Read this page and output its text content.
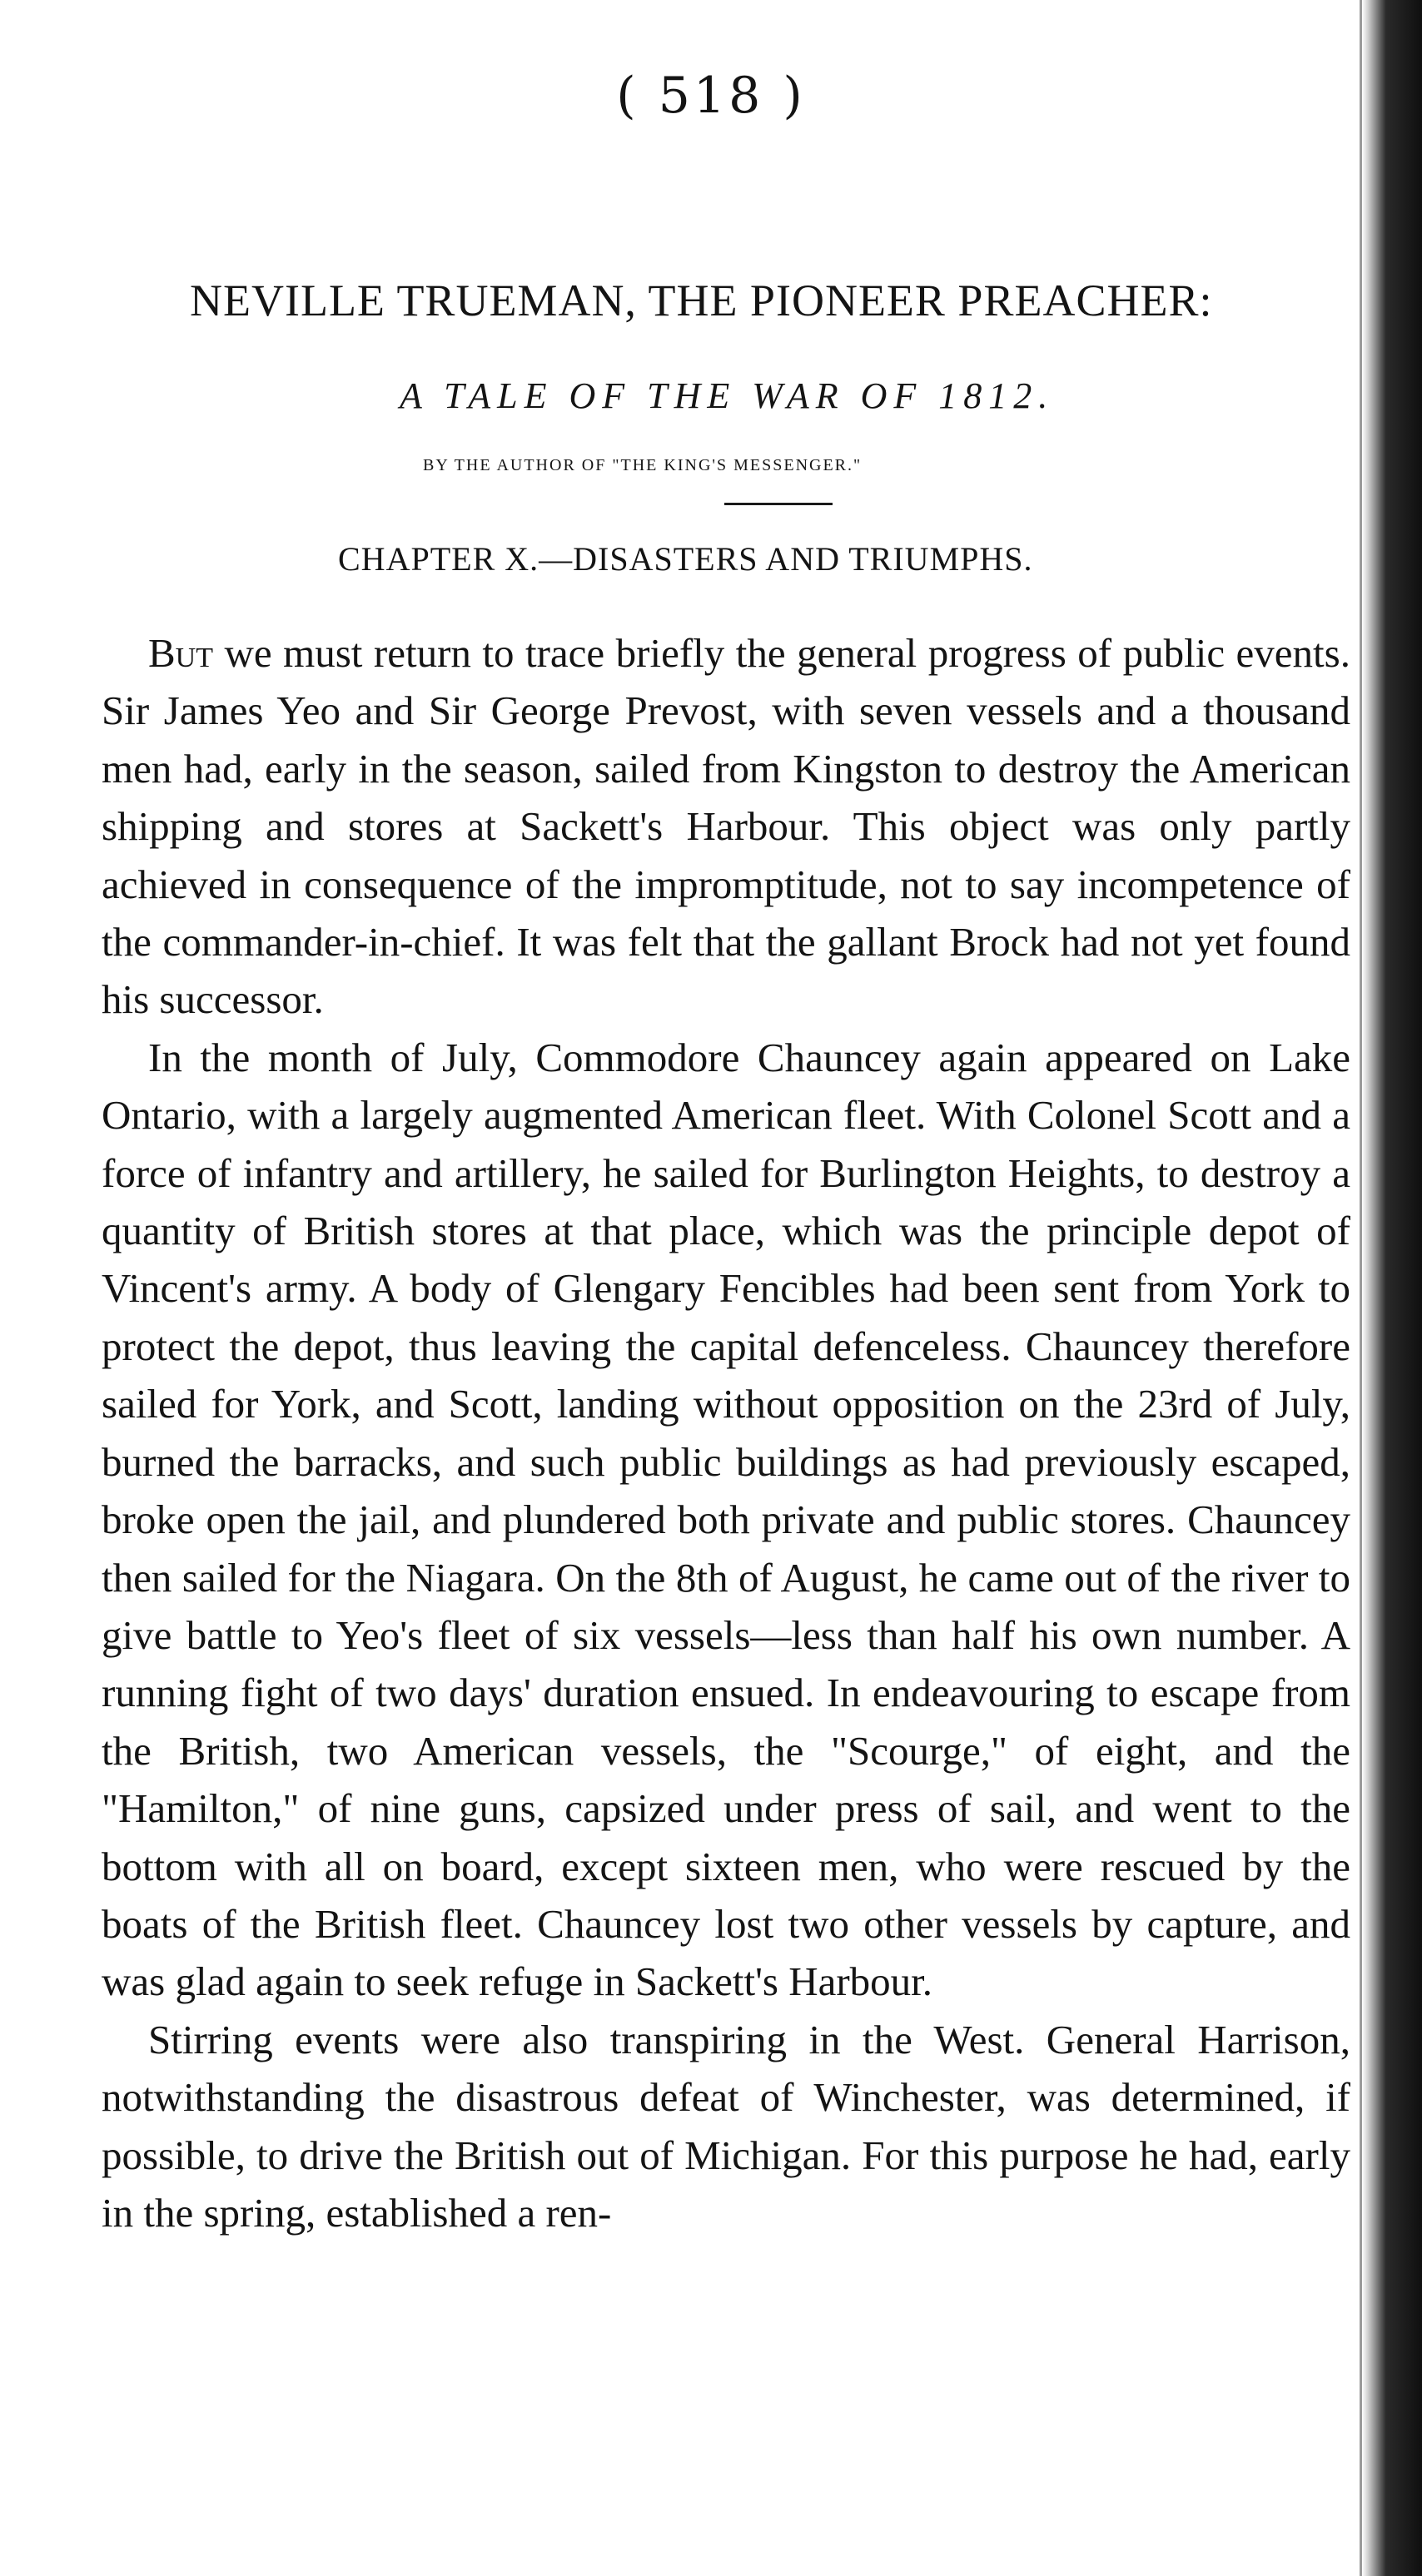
( 518 )
NEVILLE TRUEMAN, THE PIONEER PREACHER:
A TALE OF THE WAR OF 1812.
BY THE AUTHOR OF "THE KING'S MESSENGER."
CHAPTER X.—DISASTERS AND TRIUMPHS.

But we must return to trace briefly the general progress of public events. Sir James Yeo and Sir George Prevost, with seven vessels and a thousand men had, early in the season, sailed from Kingston to destroy the American shipping and stores at Sackett's Harbour. This object was only partly achieved in consequence of the impromptitude, not to say incompetence of the commander-in-chief. It was felt that the gallant Brock had not yet found his successor.

In the month of July, Commodore Chauncey again appeared on Lake Ontario, with a largely augmented American fleet. With Colonel Scott and a force of infantry and artillery, he sailed for Burlington Heights, to destroy a quantity of British stores at that place, which was the principle depot of Vincent's army. A body of Glengary Fencibles had been sent from York to protect the depot, thus leaving the capital defenceless. Chauncey therefore sailed for York, and Scott, landing without opposition on the 23rd of July, burned the barracks, and such public buildings as had previously escaped, broke open the jail, and plundered both private and public stores. Chauncey then sailed for the Niagara. On the 8th of August, he came out of the river to give battle to Yeo's fleet of six vessels—less than half his own number. A running fight of two days' duration ensued. In endeavouring to escape from the British, two American vessels, the "Scourge," of eight, and the "Hamilton," of nine guns, capsized under press of sail, and went to the bottom with all on board, except sixteen men, who were rescued by the boats of the British fleet. Chauncey lost two other vessels by capture, and was glad again to seek refuge in Sackett's Harbour.

Stirring events were also transpiring in the West. General Harrison, notwithstanding the disastrous defeat of Winchester, was determined, if possible, to drive the British out of Michigan. For this purpose he had, early in the spring, established a ren-
